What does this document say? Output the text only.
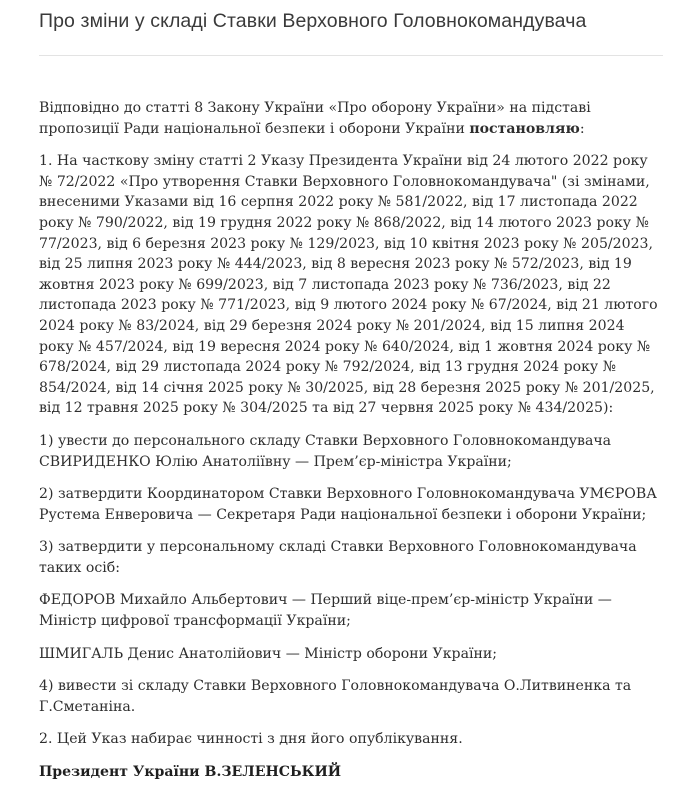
Про зміни у складі Ставки Верховного Головнокомандувача

Відповідно до статті 8 Закону України «Про оборону України» на підставі пропозиції Ради національної безпеки і оборони України постановляю:

1. На часткову зміну статті 2 Указу Президента України від 24 лютого 2022 року № 72/2022 «Про утворення Ставки Верховного Головнокомандувача" (зі змінами, внесеними Указами від 16 серпня 2022 року № 581/2022, від 17 листопада 2022 року № 790/2022, від 19 грудня 2022 року № 868/2022, від 14 лютого 2023 року № 77/2023, від 6 березня 2023 року № 129/2023, від 10 квітня 2023 року № 205/2023, від 25 липня 2023 року № 444/2023, від 8 вересня 2023 року № 572/2023, від 19 жовтня 2023 року № 699/2023, від 7 листопада 2023 року № 736/2023, від 22 листопада 2023 року № 771/2023, від 9 лютого 2024 року № 67/2024, від 21 лютого 2024 року № 83/2024, від 29 березня 2024 року № 201/2024, від 15 липня 2024 року № 457/2024, від 19 вересня 2024 року № 640/2024, від 1 жовтня 2024 року № 678/2024, від 29 листопада 2024 року № 792/2024, від 13 грудня 2024 року № 854/2024, від 14 січня 2025 року № 30/2025, від 28 березня 2025 року № 201/2025, від 12 травня 2025 року № 304/2025 та від 27 червня 2025 року № 434/2025):

1) увести до персонального складу Ставки Верховного Головнокомандувача СВИРИДЕНКО Юлію Анатоліївну — Прем’єр-міністра України;

2) затвердити Координатором Ставки Верховного Головнокомандувача УМЄРОВА Рустема Енверовича — Секретаря Ради національної безпеки і оборони України;

3) затвердити у персональному складі Ставки Верховного Головнокомандувача таких осіб:

ФЕДОРОВ Михайло Альбертович — Перший віце-прем’єр-міністр України — Міністр цифрової трансформації України;

ШМИГАЛЬ Денис Анатолійович — Міністр оборони України;

4) вивести зі складу Ставки Верховного Головнокомандувача О.Литвиненка та Г.Сметаніна.

2. Цей Указ набирає чинності з дня його опублікування.

Президент України В.ЗЕЛЕНСЬКИЙ
